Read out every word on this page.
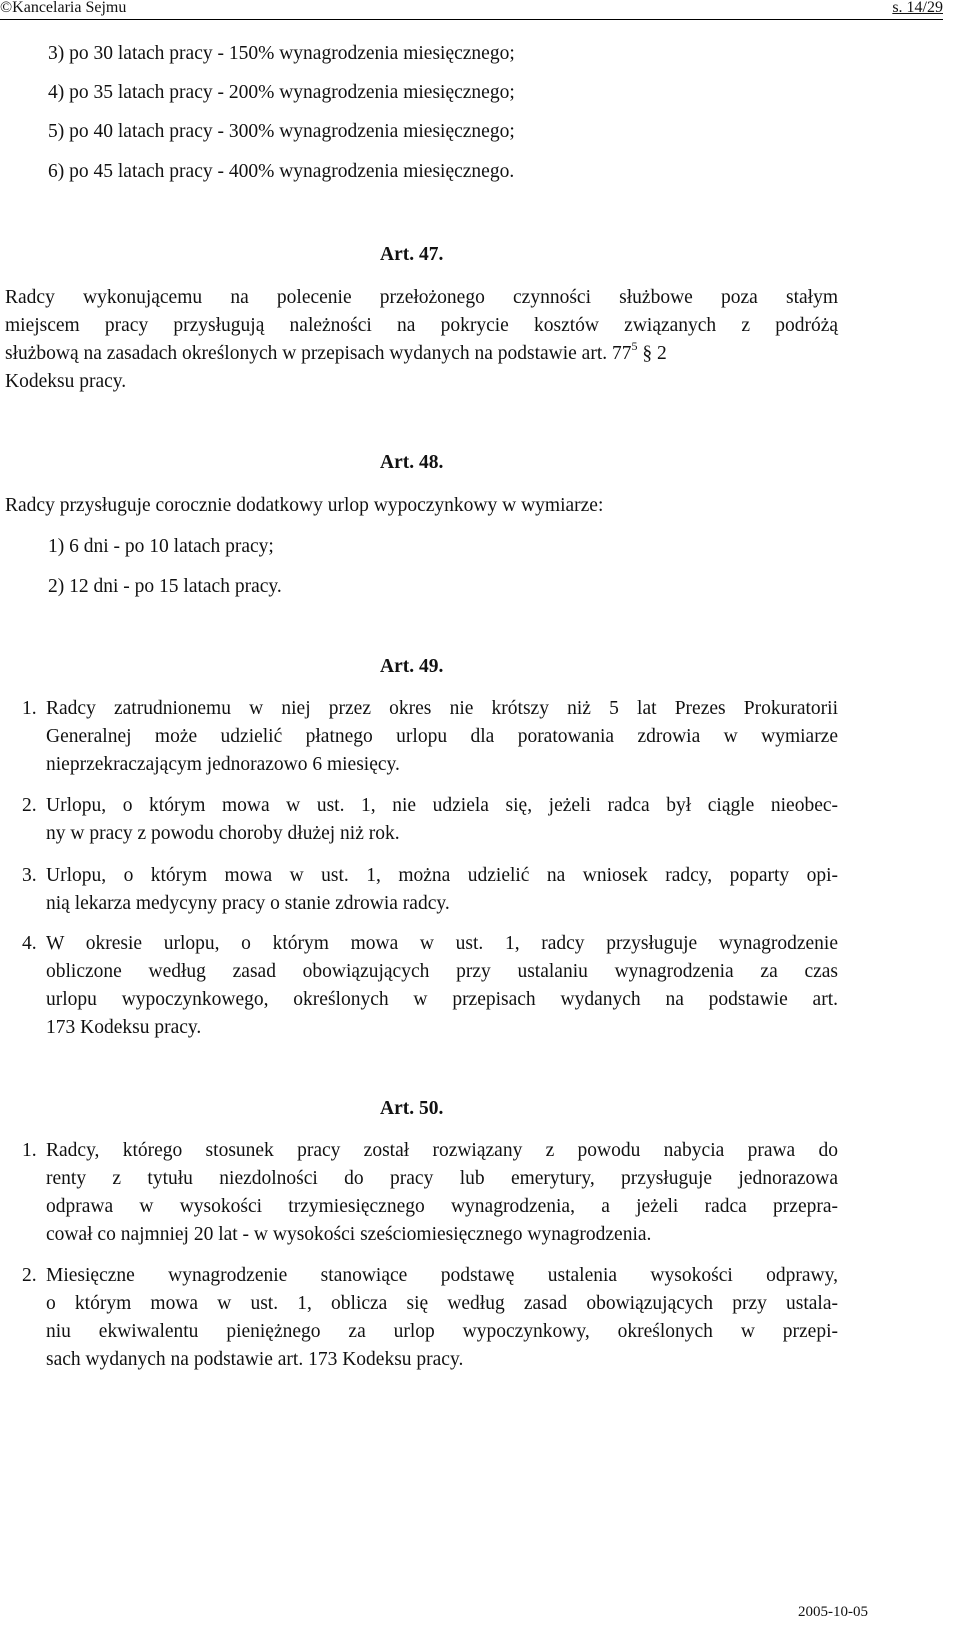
©Kancelaria Sejmu	s. 14/29
3) po 30 latach pracy - 150% wynagrodzenia miesięcznego;
4) po 35 latach pracy - 200% wynagrodzenia miesięcznego;
5) po 40 latach pracy - 300% wynagrodzenia miesięcznego;
6) po 45 latach pracy - 400% wynagrodzenia miesięcznego.
Art. 47.
Radcy wykonującemu na polecenie przełożonego czynności służbowe poza stałym
miejscem pracy przysługują należności na pokrycie kosztów związanych z podróżą
służbową na zasadach określonych w przepisach wydanych na podstawie art. $77^5$ § 2
Kodeksu pracy.
Art. 48.
Radcy przysługuje corocznie dodatkowy urlop wypoczynkowy w wymiarze:
1) 6 dni - po 10 latach pracy;
2) 12 dni - po 15 latach pracy.
Art. 49.
1. Radcy zatrudnionemu w niej przez okres nie krótszy niż 5 lat Prezes Prokuratorii
Generalnej może udzielić płatnego urlopu dla poratowania zdrowia w wymiarze
nieprzekraczającym jednorazowo 6 miesięcy.
2. Urlopu, o którym mowa w ust. 1, nie udziela się, jeżeli radca był ciągle nieobec-
ny w pracy z powodu choroby dłużej niż rok.
3. Urlopu, o którym mowa w ust. 1, można udzielić na wniosek radcy, poparty opi-
nią lekarza medycyny pracy o stanie zdrowia radcy.
4. W okresie urlopu, o którym mowa w ust. 1, radcy przysługuje wynagrodzenie
obliczone według zasad obowiązujących przy ustalaniu wynagrodzenia za czas
urlopu wypoczynkowego, określonych w przepisach wydanych na podstawie art.
173 Kodeksu pracy.
Art. 50.
1. Radcy, którego stosunek pracy został rozwiązany z powodu nabycia prawa do
renty z tytułu niezdolności do pracy lub emerytury, przysługuje jednorazowa
odprawa w wysokości trzymiesięcznego wynagrodzenia, a jeżeli radca przepra-
cował co najmniej 20 lat - w wysokości sześciomiesięcznego wynagrodzenia.
2. Miesięczne wynagrodzenie stanowiące podstawę ustalenia wysokości odprawy,
o którym mowa w ust. 1, oblicza się według zasad obowiązujących przy ustala-
niu ekwiwalentu pieniężnego za urlop wypoczynkowy, określonych w przepi-
sach wydanych na podstawie art. 173 Kodeksu pracy.
2005-10-05
